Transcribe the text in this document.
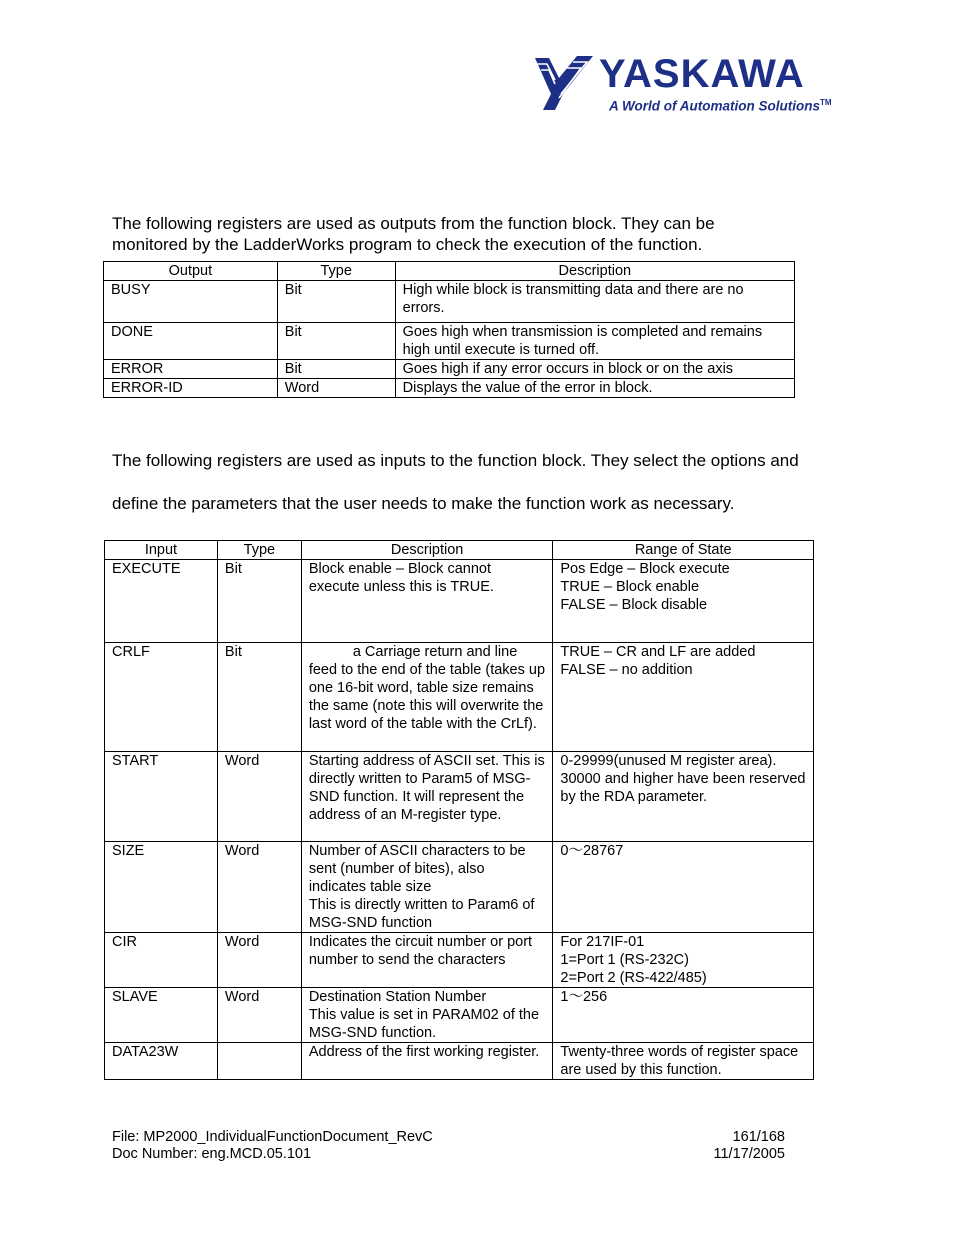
YASKAWA
A World of Automation Solutions™

The following registers are used as outputs from the function block. They can be monitored by the LadderWorks program to check the execution of the function.

Output	Type	Description
BUSY	Bit	High while block is transmitting data and there are no errors.
DONE	Bit	Goes high when transmission is completed and remains high until execute is turned off.
ERROR	Bit	Goes high if any error occurs in block or on the axis
ERROR-ID	Word	Displays the value of the error in block.

The following registers are used as inputs to the function block. They select the options and

define the parameters that the user needs to make the function work as necessary.

Input	Type	Description	Range of State
EXECUTE	Bit	Block enable – Block cannot execute unless this is TRUE.	Pos Edge – Block execute
TRUE – Block enable
FALSE – Block disable
CRLF	Bit	a Carriage return and line feed to the end of the table (takes up one 16-bit word, table size remains the same (note this will overwrite the last word of the table with the CrLf).	TRUE – CR and LF are added
FALSE – no addition
START	Word	Starting address of ASCII set. This is directly written to Param5 of MSG-SND function. It will represent the address of an M-register type.	0-29999(unused M register area). 30000 and higher have been reserved by the RDA parameter.
SIZE	Word	Number of ASCII characters to be sent (number of bites), also indicates table size
This is directly written to Param6 of MSG-SND function	0～28767
CIR	Word	Indicates the circuit number or port number to send the characters	For 217IF-01
1=Port 1 (RS-232C)
2=Port 2 (RS-422/485)
SLAVE	Word	Destination Station Number
This value is set in PARAM02 of the MSG-SND function.	1～256
DATA23W		Address of the first working register.	Twenty-three words of register space are used by this function.
File: MP2000_IndividualFunctionDocument_RevC
Doc Number: eng.MCD.05.101
161/168
11/17/2005
